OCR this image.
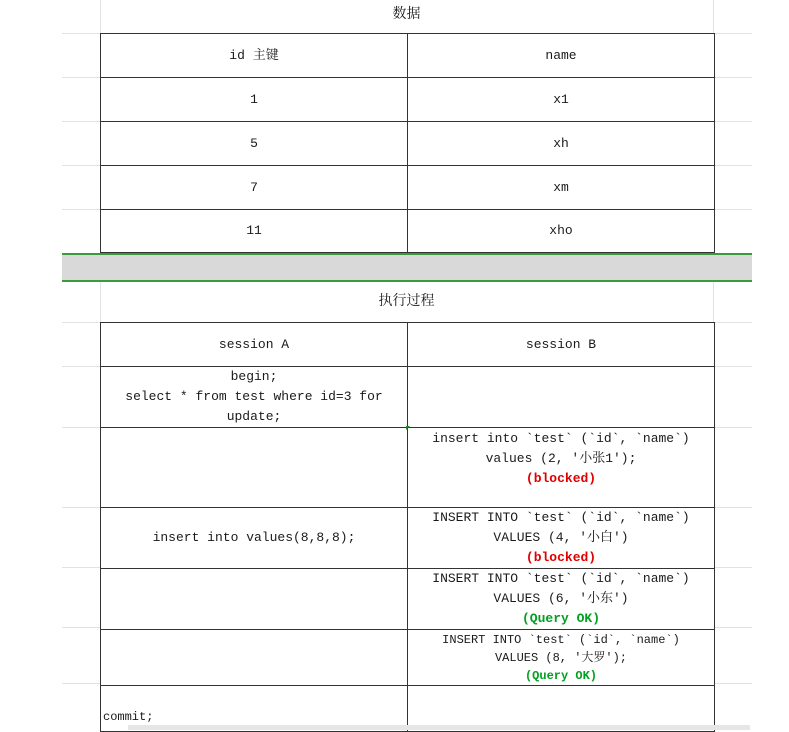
数据
id 主键	name
1	x1
5	xh
7	xm
11	xho
执行过程
session A	session B

begin;
select * from test where id=3 for
update;	

	insert into `test` (`id`, `name`)
values (2, '小张1');
(blocked)

insert into values(8,8,8);	INSERT INTO `test` (`id`, `name`)
VALUES (4, '小白')
(blocked)

	INSERT INTO `test` (`id`, `name`)
VALUES (6, '小东')
(Query OK)

	INSERT INTO `test` (`id`, `name`)
VALUES (8, '大罗');
(Query OK)

commit;	
